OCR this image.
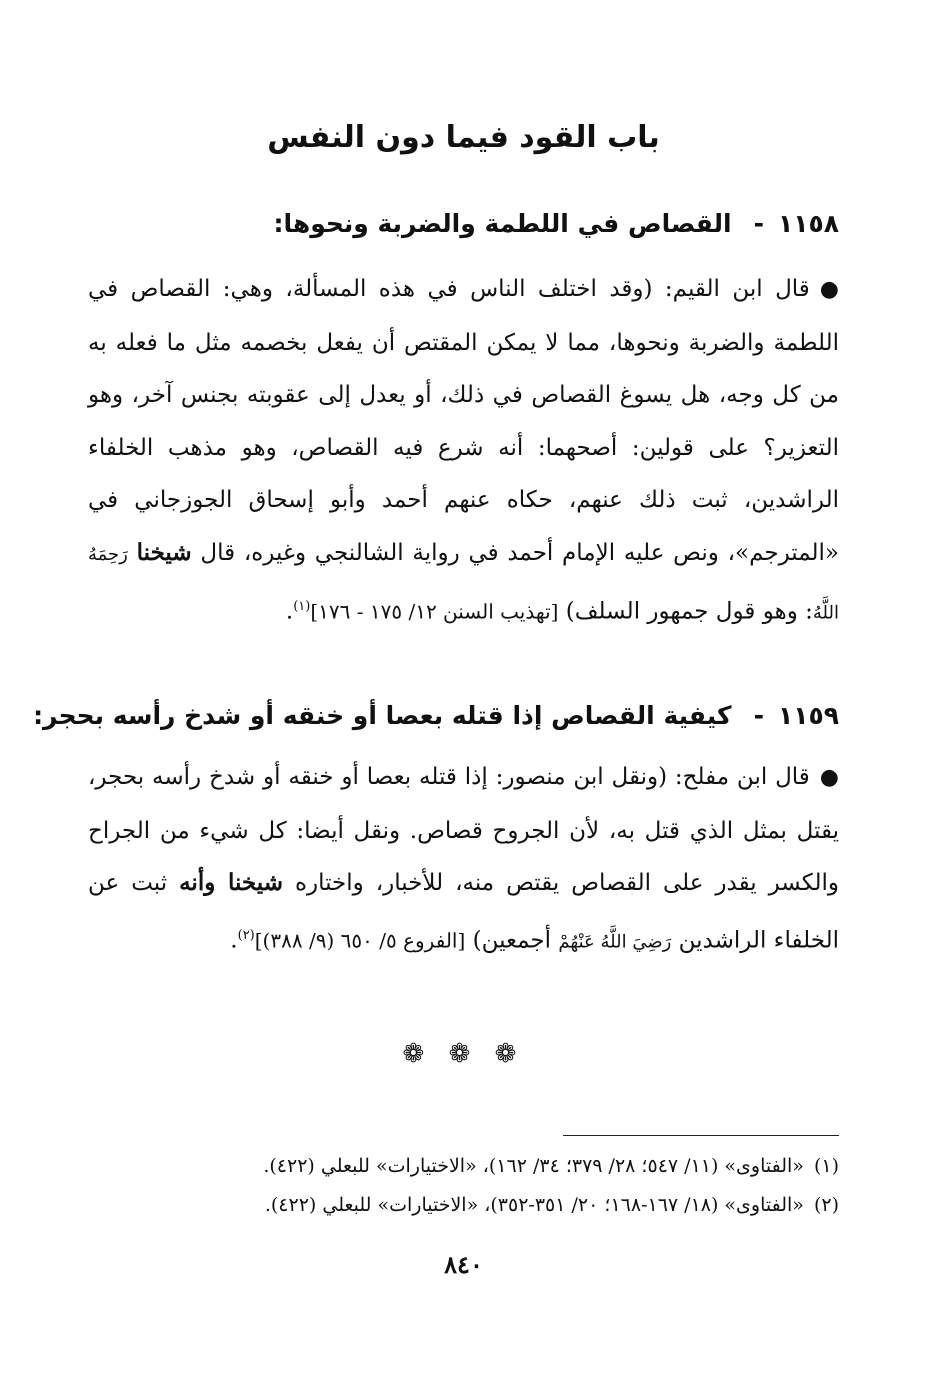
باب القود فيما دون النفس
١١٥٨-القصاص في اللطمة والضربة ونحوها:
●قال ابن القيم: (وقد اختلف الناس في هذه المسألة، وهي: القصاص في اللطمة والضربة ونحوها، مما لا يمكن المقتص أن يفعل بخصمه مثل ما فعله به من كل وجه، هل يسوغ القصاص في ذلك، أو يعدل إلى عقوبته بجنس آخر، وهو التعزير؟ على قولين: أصحهما: أنه شرع فيه القصاص، وهو مذهب الخلفاء الراشدين، ثبت ذلك عنهم، حكاه عنهم أحمد وأبو إسحاق الجوزجاني في «المترجم»، ونص عليه الإمام أحمد في رواية الشالنجي وغيره، قال شيخنا رَحِمَهُ اللَّهُ: وهو قول جمهور السلف) [تهذيب السنن ١٢/ ١٧٥ - ١٧٦]$^{(١)}$.
١١٥٩-كيفية القصاص إذا قتله بعصا أو خنقه أو شدخ رأسه بحجر:
●قال ابن مفلح: (ونقل ابن منصور: إذا قتله بعصا أو خنقه أو شدخ رأسه بحجر، يقتل بمثل الذي قتل به، لأن الجروح قصاص. ونقل أيضا: كل شيء من الجراح والكسر يقدر على القصاص يقتص منه، للأخبار، واختاره شيخنا وأنه ثبت عن الخلفاء الراشدين رَضِيَ اللَّهُ عَنْهُمْ أجمعين) [الفروع ٥/ ٦٥٠ (٩/ ٣٨٨)]$^{(٢)}$.
❁ ❁ ❁
(١)«الفتاوى» (١١/ ٥٤٧؛ ٢٨/ ٣٧٩؛ ٣٤/ ١٦٢)، «الاختيارات» للبعلي (٤٢٢).
(٢)«الفتاوى» (١٨/ ١٦٧-١٦٨؛ ٢٠/ ٣٥١-٣٥٢)، «الاختيارات» للبعلي (٤٢٢).
٨٤٠
